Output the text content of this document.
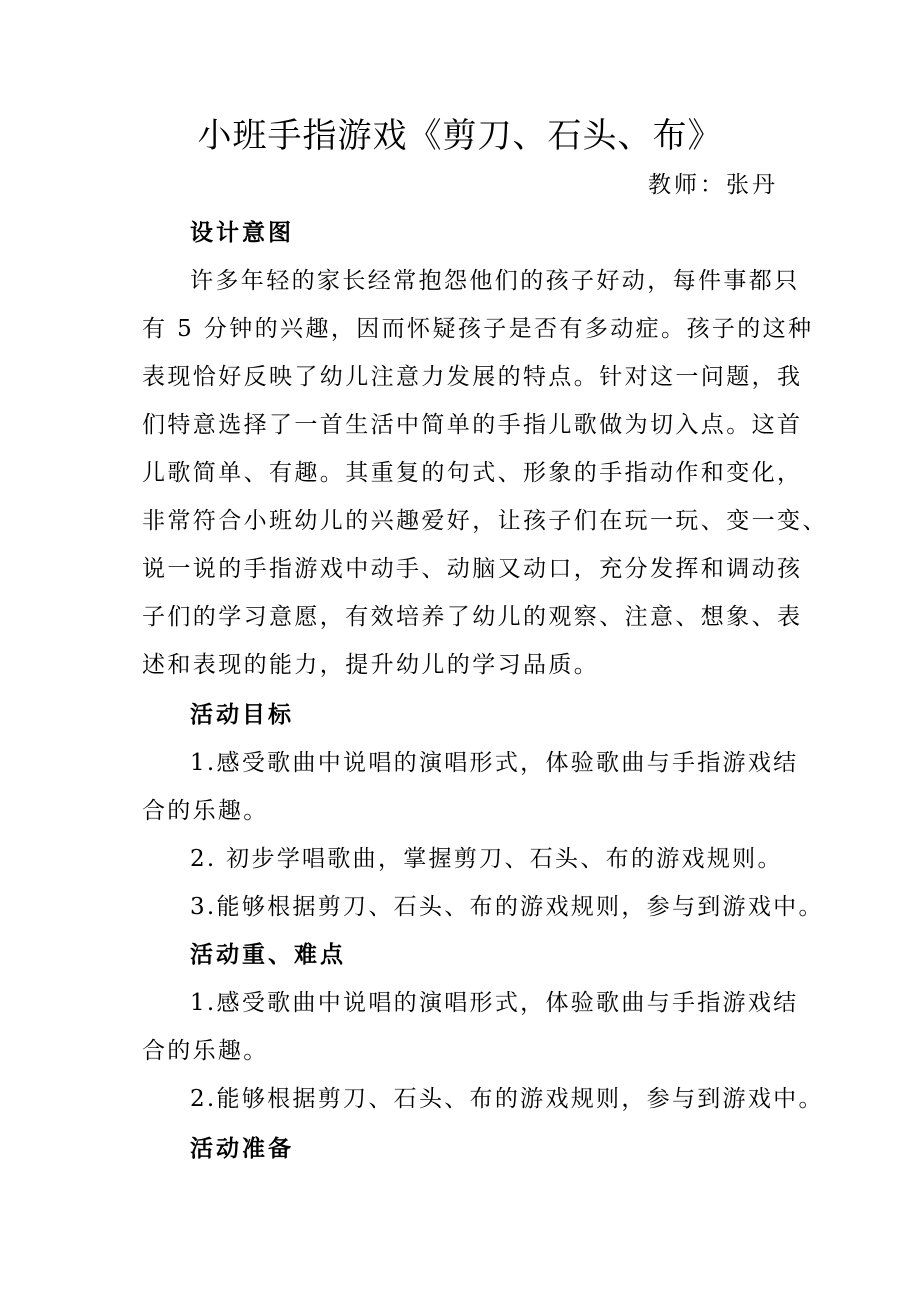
小班手指游戏《剪刀、石头、布》
教师：张丹
设计意图
许多年轻的家长经常抱怨他们的孩子好动，每件事都只
有 5 分钟的兴趣，因而怀疑孩子是否有多动症。孩子的这种
表现恰好反映了幼儿注意力发展的特点。针对这一问题，我
们特意选择了一首生活中简单的手指儿歌做为切入点。这首
儿歌简单、有趣。其重复的句式、形象的手指动作和变化，
非常符合小班幼儿的兴趣爱好，让孩子们在玩一玩、变一变、
说一说的手指游戏中动手、动脑又动口，充分发挥和调动孩
子们的学习意愿，有效培养了幼儿的观察、注意、想象、表
述和表现的能力，提升幼儿的学习品质。
活动目标
1.感受歌曲中说唱的演唱形式，体验歌曲与手指游戏结
合的乐趣。
2. 初步学唱歌曲，掌握剪刀、石头、布的游戏规则。
3.能够根据剪刀、石头、布的游戏规则，参与到游戏中。
活动重、难点
1.感受歌曲中说唱的演唱形式，体验歌曲与手指游戏结
合的乐趣。
2.能够根据剪刀、石头、布的游戏规则，参与到游戏中。
活动准备
